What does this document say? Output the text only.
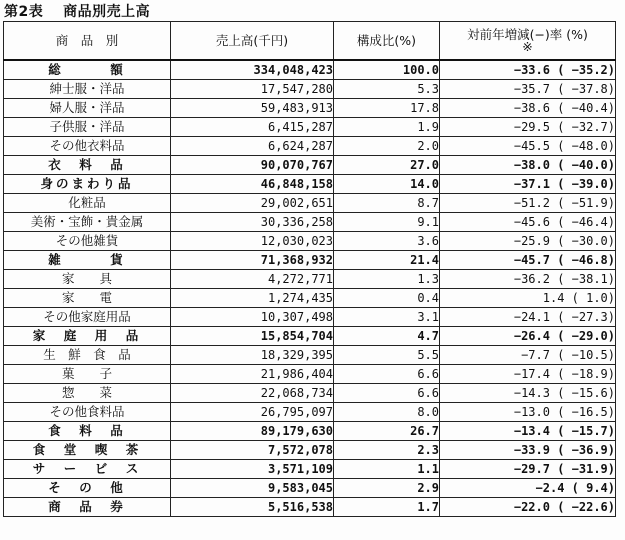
第2表　 商品別売上高
商　品　別	売上高(千円)	構成比(%)	対前年増減(−)率 (%)
※

総　　　額	334,048,423	100.0	−33.6 ( −35.2)
紳士服・洋品	17,547,280	5.3	−35.7 ( −37.8)
婦人服・洋品	59,483,913	17.8	−38.6 ( −40.4)
子供服・洋品	6,415,287	1.9	−29.5 ( −32.7)
その他衣料品	6,624,287	2.0	−45.5 ( −48.0)
衣　料　品	90,070,767	27.0	−38.0 ( −40.0)
身のまわり品	46,848,158	14.0	−37.1 ( −39.0)
化粧品	29,002,651	8.7	−51.2 ( −51.9)
美術・宝飾・貴金属	30,336,258	9.1	−45.6 ( −46.4)
その他雑貨	12,030,023	3.6	−25.9 ( −30.0)
雑　　　貨	71,368,932	21.4	−45.7 ( −46.8)
家　　具	4,272,771	1.3	−36.2 ( −38.1)
家　　電	1,274,435	0.4	1.4 ( 1.0)
その他家庭用品	10,307,498	3.1	−24.1 ( −27.3)
家　庭　用　品	15,854,704	4.7	−26.4 ( −29.0)
生　鮮　食　品	18,329,395	5.5	−7.7 ( −10.5)
菓　　子	21,986,404	6.6	−17.4 ( −18.9)
惣　　菜	22,068,734	6.6	−14.3 ( −15.6)
その他食料品	26,795,097	8.0	−13.0 ( −16.5)
食　料　品	89,179,630	26.7	−13.4 ( −15.7)
食　堂　喫　茶	7,572,078	2.3	−33.9 ( −36.9)
サ　ー　ビ　ス	3,571,109	1.1	−29.7 ( −31.9)
そ　の　他	9,583,045	2.9	−2.4 ( 9.4)
商　品　券	5,516,538	1.7	−22.0 ( −22.6)
